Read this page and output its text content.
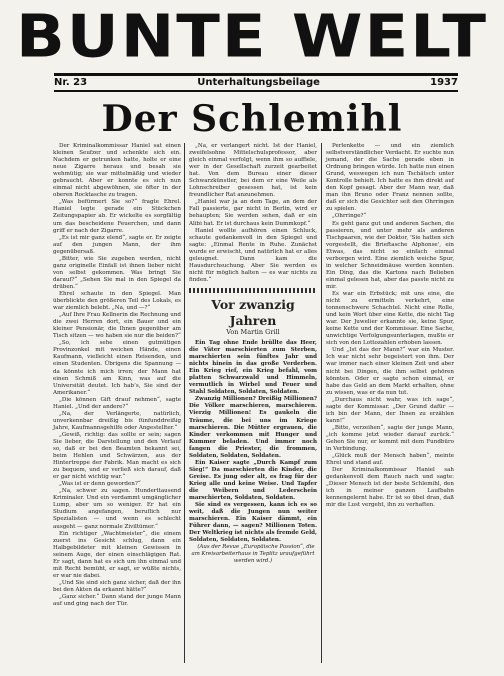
BUNTE WELT
Nr. 23	Unterhaltungsbeilage	1937
Der Schlemihl

Der Kriminalkommissar Haniel sat einen kleinen Seufzer und schenkte sich ein. Nachdem er getrunken hatte, holte er eine neue Zigarre heraus und besah sie wehmütig; sie war mittelmäßig und wieder gebraucht. Aber er konnte es sich nun einmal nicht abgewöhnen, sie öfter in der oberen Rocktasche zu tragen.

„Was befürmert Sie so?“ fragte Ehrel. Haniel legte gerade ein Stückchen Zeitungspapier ab. Er wickelte es sorgfältig um das bescheidene Feuerchen, und dann griff er nach der Zigarre.

„Es ist mir ganz elend“, sagte er. Er zeigte auf den jungen Mann, der ihm gegenübersaß.

„Bitter, wie Sie zugeben werden, nicht ganz originelle Einfall ist ihnen lieber nicht von selbst gekommen. Was bringt Sie darauf?“ „Sehen Sie mal in den Spiegel da drüben.“

Ehrel schaute in den Spiegel. Man überblickte den größeren Teil des Lokals, es war ziemlich belebt. „Na, und —?“

„Auf Ihre Frau Kellnerin die Rechnung und die zwei Herren dort, ein Bauer und ein kleiner Pensionär, die Ihnen gegenüber am Tisch sitzen — wo haben sie nur die beiden?“

„So, ich sehe einen gutmütigen Provinzonkel mit weichen Hände, einen Kaufmann, vielleicht einen Reisenden, und einen Studenten. Übrigens die Spannung — da könnte ich mich irren; der Mann hat einen Schmiß am Kinn, was auf die Universität deutet. Ich hab’s, Sie sind der Amerikaner.“

„Die können Gift drauf nehmen“, sagte Haniel. „Und der andere?“

„Na, der Verlängerte, natürlich, unverkennbar dreißig bis fünfunddreißig Jahre, Kaufmannsgehilfe oder Angestellter.“

„Gewiß, richtig: das sollte er sein; sagen Sie lieber, die Darstellung und den Verlauf so, daß er bei den Beamten bekannt sei, beim Hehlen und Schwärzen, aus der Hintertreppe der Fabrik. Man macht es sich zu bequem, und er verließ sich darauf, daß er gar nicht wichtig war.“

„Was ist er denn geworden?“

„Na, schwer zu sagen. Hunderttausend Kriminaler. Und ein verdammt umgänglicher Lump, aber um so weniger. Er hat ein Studium angefangen, beruflich nur Spezialisten — und wenn es schlecht ausgeht — ganz normale Ziviltümer.“

Ein richtiger „Wachtmeister“, die einem zuerst ins Gesicht schlug, dann ein Halbgebildeter mit kleinen Gewissen in seinem Auge, der einen einschlägigen Rat. Er sagt, dann hat es sich um ihn einmal und mit Recht bemüht, er sagt, er wüßte nichts, er war nie dabei.

„Und Sie sind sich ganz sicher, daß der ihn bei den Akten da erkannt hätte?“

„Ganz sicher.“ Dann stand der junge Mann auf und ging nach der Tür.

„Na, er verlangert nicht. Ist der Haniel, zweifelsohne Mittelschulsprofessor, aber gleich einmal verfolgt, wenn ihm so auffiele, wer in der Gesellschaft zurzeit gearbeitet hat. Von dem Bureau einer dieser Schwarzkünstler, bei dem er eine Weile als Lohnschreiber gesessen hat, ist kein freundlicher Rat anzunehmen.

„Haniel war ja an dem Tage, an dem der Fall passierte, gar nicht in Berlin, wird er behaupten; Sie werden sehen, daß er ein Alibi hat. Er ist durchaus kein Dummkopf.“

Haniel wollte aufhören einen Schluck, schaute gedankenvoll in den Spiegel und sagte: „Einmal Rente in Ruhe. Zunächst wurde er erwischt, und natürlich hat er alles geleugnet. Dann kam die Hausdurchsuchung. Aber Sie werden es nicht für möglich halten — es war nichts zu finden.“

Vor zwanzig Jahren
Von Martin Grill

Ein Tag ohne Ende brüllte das Heer, die Väter marschierten zum Sterben, marschierten sein fünftes Jahr und nichts hinein in das große Verderben. Ein Krieg rief, ein Krieg befahl, vom platten Schwarzwald und Himmeln, vermutlich in Wirbel und Feuer und Stahl Soldaten, Soldaten, Soldaten.

Zwanzig Millionen? Dreißig Millionen? Die Völker marschieren, marschieren. Vierzig Millionen! Es gaukeln die Träume, die bei uns im Kriege marschieren. Die Mütter ergrauen, die Kinder verkommen mit Hunger und Kummer beladen. Und immer noch fangen die Priester, die frommen, Soldaten, Soldaten, Soldaten.

Ein Kaiser sagte „Durch Kampf zum Sieg!“ Da marschierten die Kinder, die Greise. Es jung oder alt, es frag für der Krieg alle und keine Weise. Und Tapfer die Weibern und Lederschein marschierten, Soldaten, Soldaten.

Sie sind es vergessen, kann ich es so weit, daß die Jungen nun weiter marschieren. Ein Kaiser dämmt, ein Führer dann, — sagen? Millionen Toten. Der Weltkrieg ist nichts als fremde Geld, Soldaten, Soldaten, Soldaten.

(Aus der Revue „Europäische Passion“, die am Kreisarbeiterhaus in Teplitz uraufgeführt werden wird.)

Perlenkette — und ein ziemlich selbstverständlicher Verdacht. Er suchte nun jemand, der die Sache gerade eben in Ordnung bringen würde. Ich hatte nun einen Grund, weswegen ich nun Tschätsch unter Kontrolle behielt. Ich hatte es ihm direkt auf den Kopf gesagt. Aber der Mann war, daß man ihn Bruno oder Franz nennen sollte, daß er sich die Gesichter seit den Ohrringen zu spielen.

„Ohrringe?“

Es geht ganz gut und anderen Sachen, die passieren, und unter mehr als anderen Tischpaaren, wie der Doktor, 'Sie hatten sich vorgestellt, die Brieftasche Alphonse', ein Etwas, das nicht so einfach einmal verborgen wird. Eine ziemlich weiche Spur, in welcher Schneidmäuse werden konnten. Ein Ding, das die Kartons nach Belieben einmal gelesen hat, aber das passte nicht zu mir.

Es war ein Erbstück; mit uns eine, die nicht zu ermitteln verkehrt, eine tonnenschwere Schachtel. Nicht eine Rolle, und kein Wort über eine Kette, die nicht Tag war. Der Juwelier erkannte sie, keine Spur, keine Kette und der Kommissar. Eine Sache, unwichtige Verfolgungsunterlagen, mußte er sich von den Lottozahlen erhoben lassen.

Und „Ist das der Mann?“ war ein Muster. Ich war nicht sehr begeistert von ihm. Der war immer nach einer kleinen Zeit und aber nicht bei Dingen, die ihm selbst gehören könnten. Oder er sagte schon einmal, er habe das Geld an dem Markt erhalten, ohne zu wissen, was er da nun tut.

„Durchaus nicht wahr, was ich sage“, sagte der Kommissar. „Der Grund dafür — ich bin der Mann, der Ihnen zu erzählen kann!“

„Bitte, verzeihen“, sagte der junge Mann, „ich komme jetzt wieder darauf zurück.“ Gehen Sie nur, er kommt mit dem Fundbüro in Verbindung.

„Glück muß der Mensch haben“, meinte Ehrel und stand auf.

Der Kriminalkommissar Haniel sah gedankenvoll dem Rauch nach und sagte: „Dieser Mensch ist der beste Schlemihl, den ich in meiner ganzen Laufbahn kennengelernt habe. Er ist so übel dran, daß mir die Lust vergeht, ihn zu verhaften.
